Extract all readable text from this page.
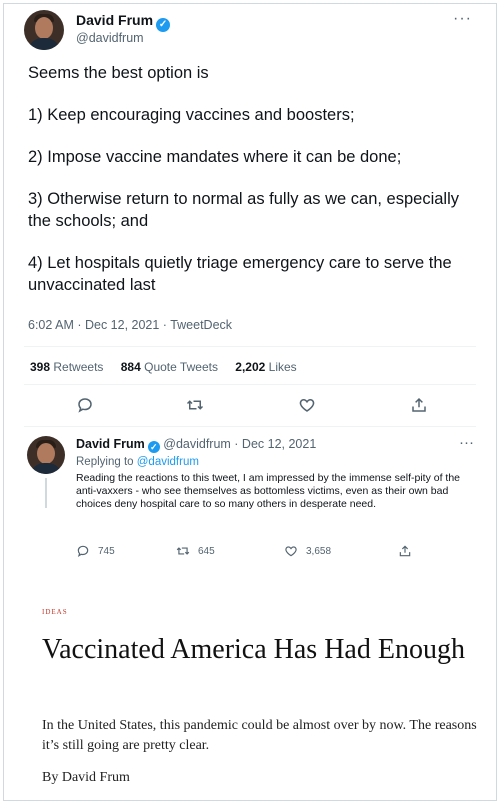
David Frum ✓
@davidfrum
···

Seems the best option is

1) Keep encouraging vaccines and boosters;

2) Impose vaccine mandates where it can be done;

3) Otherwise return to normal as fully as we can, especially the schools; and

4) Let hospitals quietly triage emergency care to serve the unvaccinated last

6:02 AM · Dec 12, 2021 · TweetDeck
398 Retweets 884 Quote Tweets 2,202 Likes
David Frum ✓ @davidfrum · Dec 12, 2021	···
Replying to @davidfrum
Reading the reactions to this tweet, I am impressed by the immense self-pity of the anti-vaxxers - who see themselves as bottomless victims, even as their own bad choices deny hospital care to so many others in desperate need.
745	645	3,658
IDEAS
Vaccinated America Has Had Enough
In the United States, this pandemic could be almost over by now. The reasons it’s still going are pretty clear.
By David Frum
